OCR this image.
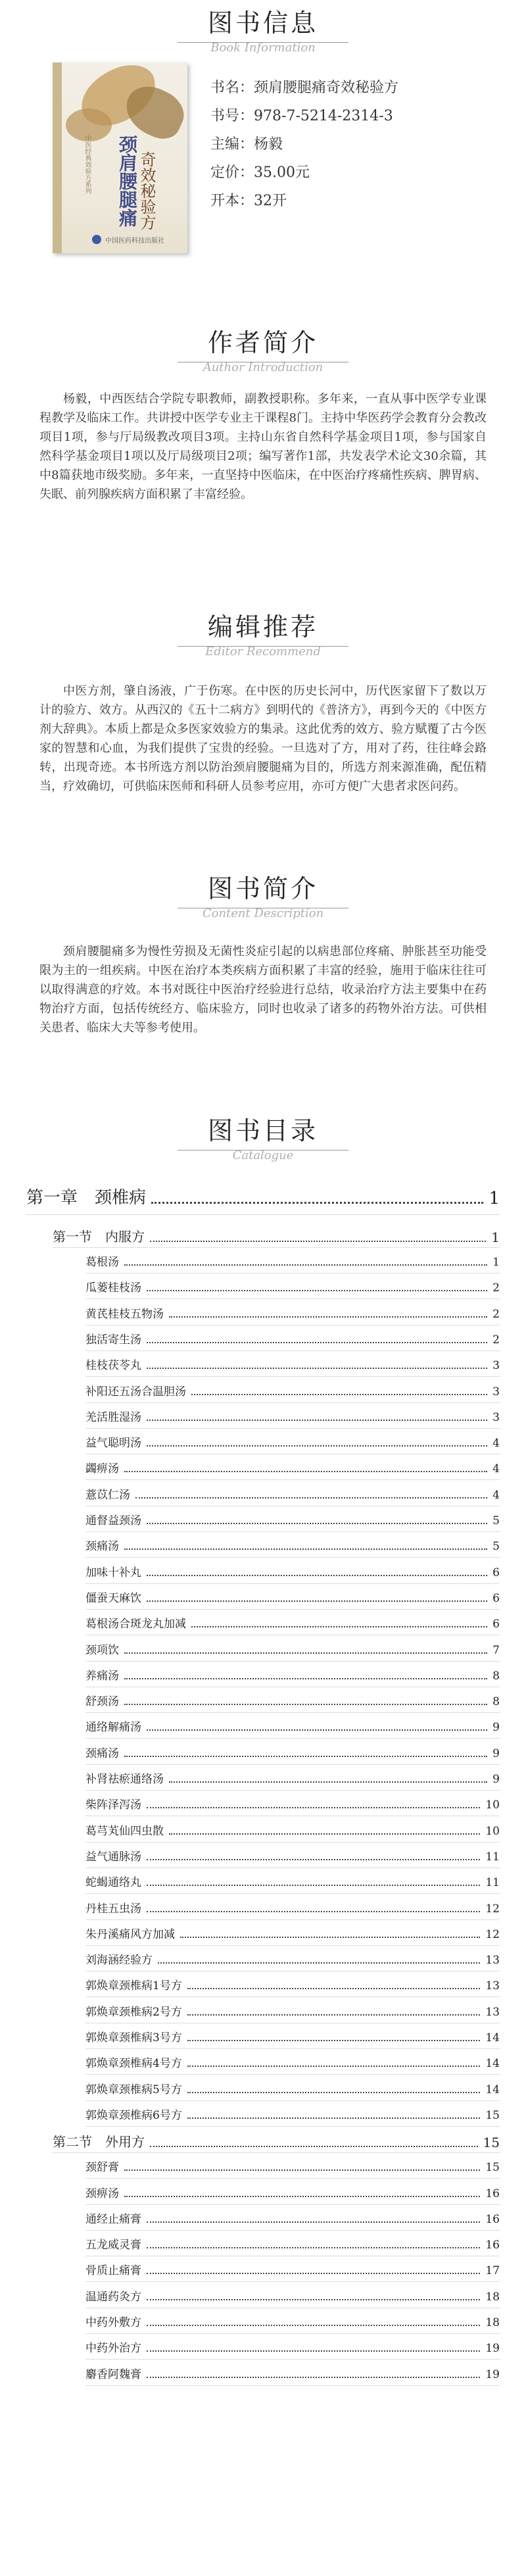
图书信息
Book Information
中医经典效验方系列 颈肩腰腿痛 奇效秘验方
中国医药科技出版社
书名： 颈肩腰腿痛奇效秘验方
书号： 978-7-5214-2314-3
主编： 杨毅
定价： 35.00元
开本： 32开
作者简介
Author Introduction
杨毅，中西医结合学院专职教师，副教授职称。多年来，一直从事中医学专业课程教学及临床工作。共讲授中医学专业主干课程8门。主持中华医药学会教育分会教改项目1项，参与厅局级教改项目3项。主持山东省自然科学基金项目1项，参与国家自然科学基金项目1项以及厅局级项目2项；编写著作1部，共发表学术论文30余篇，其中8篇获地市级奖励。多年来，一直坚持中医临床，在中医治疗疼痛性疾病、脾胃病、失眠、前列腺疾病方面积累了丰富经验。
编辑推荐
Editor Recommend
中医方剂，肇自汤液，广于伤寒。在中医的历史长河中，历代医家留下了数以万计的验方、效方。从西汉的《五十二病方》到明代的《普济方》，再到今天的《中医方剂大辞典》。本质上都是众多医家效验方的集录。这此优秀的效方、验方赋覆了古今医家的智慧和心血，为我们提供了宝贵的经验。一旦选对了方，用对了药，往往峰会路转，出现奇迹。本书所选方剂以防治颈肩腰腿痛为目的，所选方剂来源准确，配伍精当，疗效确切，可供临床医师和科研人员参考应用，亦可方便广大患者求医问药。
图书简介
Content Description
颈肩腰腿痛多为慢性劳损及无菌性炎症引起的以病患部位疼痛、肿胀甚至功能受限为主的一组疾病。中医在治疗本类疾病方面积累了丰富的经验，施用于临床往往可以取得满意的疗效。本书对既往中医治疗经验进行总结，收录治疗方法主要集中在药物治疗方面，包括传统经方、临床验方，同时也收录了诸多的药物外治方法。可供相关患者、临床大夫等参考使用。
图书目录
Catalogue
第一章　颈椎病	1
第一节　内服方	1
葛根汤	1
瓜蒌桂枝汤	2
黄芪桂枝五物汤	2
独活寄生汤	2
桂枝茯苓丸	3
补阳还五汤合温胆汤	3
羌活胜湿汤	3
益气聪明汤	4
蠲痹汤	4
薏苡仁汤	4
通督益颈汤	5
颈痛汤	5
加味十补丸	6
僵蚕天麻饮	6
葛根汤合斑龙丸加减	6
颈项饮	7
养痛汤	8
舒颈汤	8
通络解痛汤	9
颈痛汤	9
补肾祛瘀通络汤	9
柴阵泽泻汤	10
葛芎芄仙四虫散	10
益气通脉汤	11
蛇蝎通络丸	11
丹桂五虫汤	12
朱丹溪痛风方加减	12
刘海涵经验方	13
郭焕章颈椎病1号方	13
郭焕章颈椎病2号方	13
郭焕章颈椎病3号方	14
郭焕章颈椎病4号方	14
郭焕章颈椎病5号方	14
郭焕章颈椎病6号方	15
第二节　外用方	15
颈舒膏	15
颈痹汤	16
通经止痛膏	16
五龙威灵膏	16
骨质止痛膏	17
温通药灸方	18
中药外敷方	18
中药外治方	19
麝香阿魏膏	19
